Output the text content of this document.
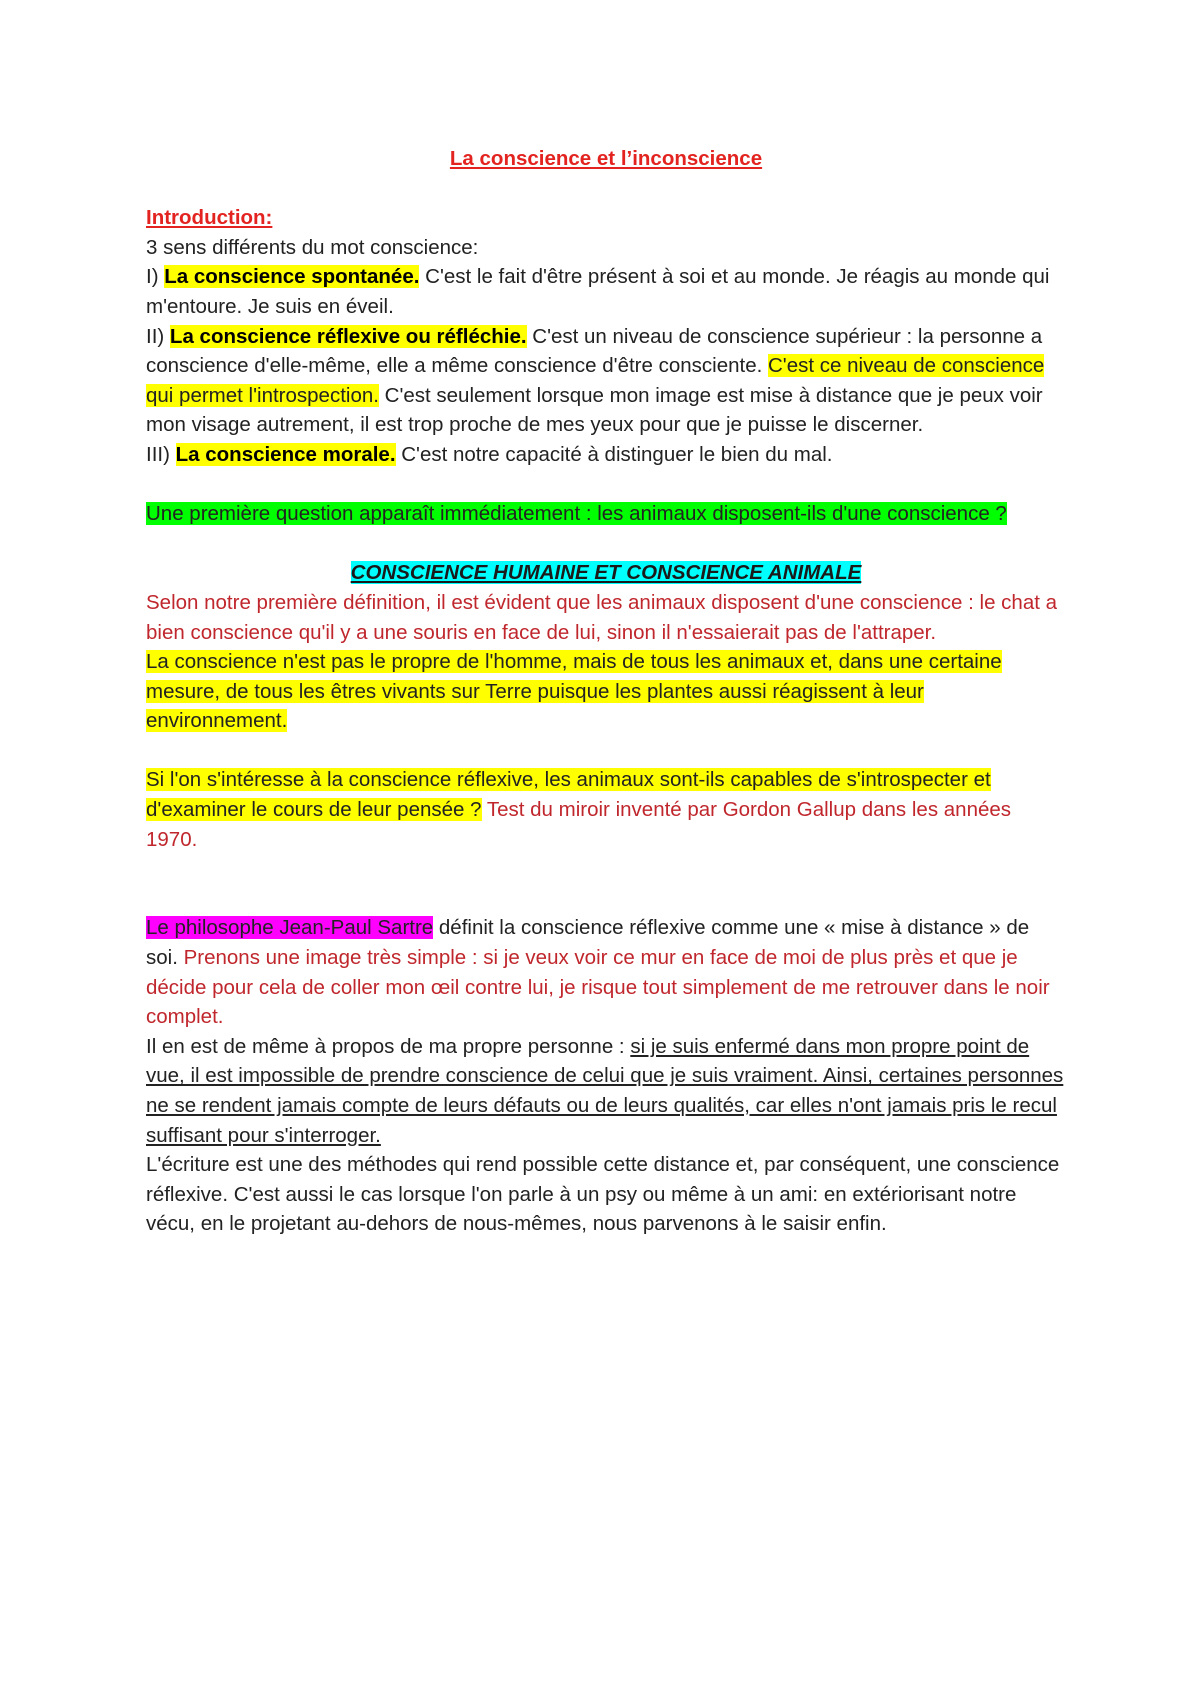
La conscience et l’inconscience
Introduction:
3 sens différents du mot conscience:
I) La conscience spontanée. C'est le fait d'être présent à soi et au monde. Je réagis au monde qui m'entoure. Je suis en éveil.
II) La conscience réflexive ou réfléchie. C'est un niveau de conscience supérieur : la personne a conscience d'elle-même, elle a même conscience d'être consciente. C'est ce niveau de conscience qui permet l'introspection. C'est seulement lorsque mon image est mise à distance que je peux voir mon visage autrement, il est trop proche de mes yeux pour que je puisse le discerner.
III) La conscience morale. C'est notre capacité à distinguer le bien du mal.
Une première question apparaît immédiatement : les animaux disposent-ils d'une conscience ?
CONSCIENCE HUMAINE ET CONSCIENCE ANIMALE
Selon notre première définition, il est évident que les animaux disposent d'une conscience : le chat a bien conscience qu'il y a une souris en face de lui, sinon il n'essaierait pas de l'attraper.
La conscience n'est pas le propre de l'homme, mais de tous les animaux et, dans une certaine mesure, de tous les êtres vivants sur Terre puisque les plantes aussi réagissent à leur environnement.
Si l'on s'intéresse à la conscience réflexive, les animaux sont-ils capables de s'introspecter et d'examiner le cours de leur pensée ? Test du miroir inventé par Gordon Gallup dans les années 1970.
Le philosophe Jean-Paul Sartre définit la conscience réflexive comme une « mise à distance » de soi. Prenons une image très simple : si je veux voir ce mur en face de moi de plus près et que je décide pour cela de coller mon œil contre lui, je risque tout simplement de me retrouver dans le noir complet.
Il en est de même à propos de ma propre personne : si je suis enfermé dans mon propre point de vue, il est impossible de prendre conscience de celui que je suis vraiment. Ainsi, certaines personnes ne se rendent jamais compte de leurs défauts ou de leurs qualités, car elles n'ont jamais pris le recul suffisant pour s'interroger.
L'écriture est une des méthodes qui rend possible cette distance et, par conséquent, une conscience réflexive. C'est aussi le cas lorsque l'on parle à un psy ou même à un ami: en extériorisant notre vécu, en le projetant au-dehors de nous-mêmes, nous parvenons à le saisir enfin.
